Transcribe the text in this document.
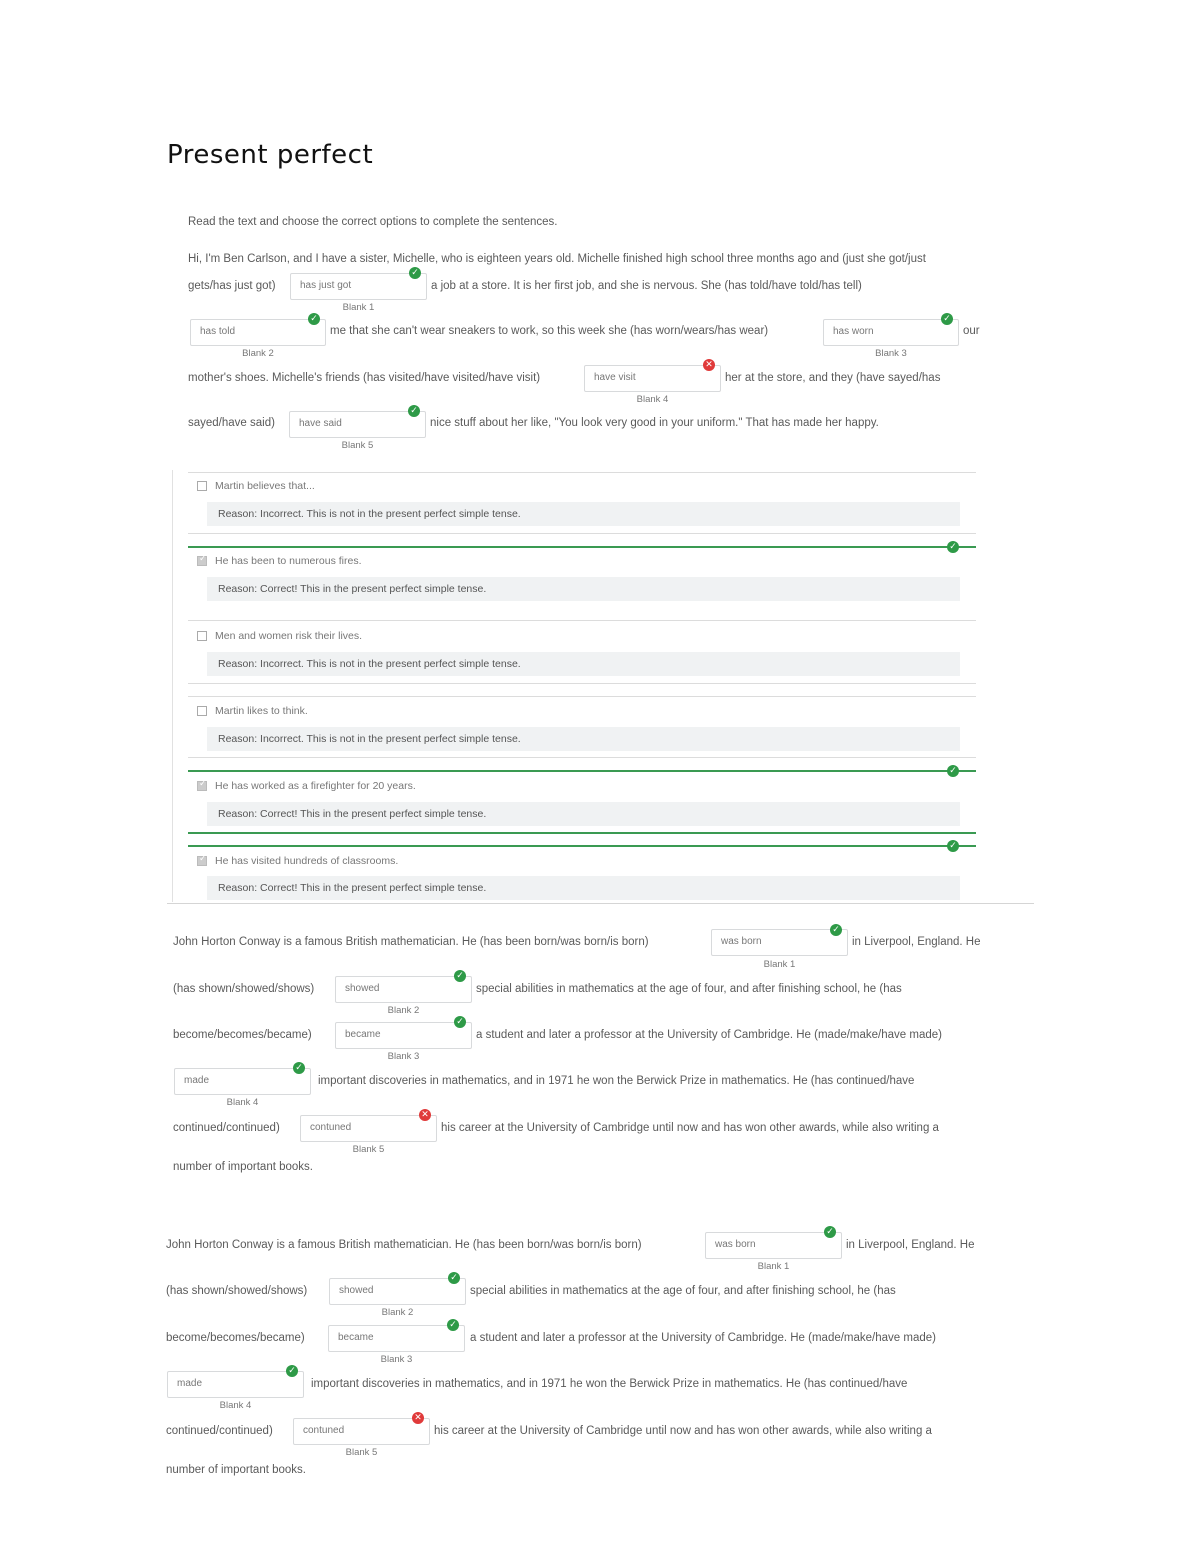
Present perfect
Read the text and choose the correct options to complete the sentences.
Hi, I'm Ben Carlson, and I have a sister, Michelle, who is eighteen years old. Michelle finished high school three months ago and (just she got/just
gets/has just got)	has just got
✓
Blank 1
a job at a store. It is her first job, and she is nervous. She (has told/have told/has tell)
has told
✓
Blank 2
me that she can't wear sneakers to work, so this week she (has worn/wears/has wear)	has worn
✓
Blank 3
our
mother's shoes. Michelle's friends (has visited/have visited/have visit)	have visit
✕
Blank 4
her at the store, and they (have sayed/has
sayed/have said)	have said
✓
Blank 5
nice stuff about her like, "You look very good in your uniform." That has made her happy.
Martin believes that...
Reason: Incorrect. This is not in the present perfect simple tense.
✓
✓
He has been to numerous fires.
Reason: Correct! This in the present perfect simple tense.
Men and women risk their lives.
Reason: Incorrect. This is not in the present perfect simple tense.
Martin likes to think.
Reason: Incorrect. This is not in the present perfect simple tense.
✓
✓
He has worked as a firefighter for 20 years.
Reason: Correct! This in the present perfect simple tense.
✓
✓
He has visited hundreds of classrooms.
Reason: Correct! This in the present perfect simple tense.
John Horton Conway is a famous British mathematician. He (has been born/was born/is born)	was born
✓
Blank 1
in Liverpool, England. He
(has shown/showed/shows)	showed
✓
Blank 2
special abilities in mathematics at the age of four, and after finishing school, he (has
become/becomes/became)	became
✓
Blank 3
a student and later a professor at the University of Cambridge. He (made/make/have made)
made
✓
Blank 4
important discoveries in mathematics, and in 1971 he won the Berwick Prize in mathematics. He (has continued/have
continued/continued)	contuned
✕
Blank 5
his career at the University of Cambridge until now and has won other awards, while also writing a
number of important books.
John Horton Conway is a famous British mathematician. He (has been born/was born/is born)	was born
✓
Blank 1
in Liverpool, England. He
(has shown/showed/shows)	showed
✓
Blank 2
special abilities in mathematics at the age of four, and after finishing school, he (has
become/becomes/became)	became
✓
Blank 3
a student and later a professor at the University of Cambridge. He (made/make/have made)
made
✓
Blank 4
important discoveries in mathematics, and in 1971 he won the Berwick Prize in mathematics. He (has continued/have
continued/continued)	contuned
✕
Blank 5
his career at the University of Cambridge until now and has won other awards, while also writing a
number of important books.
